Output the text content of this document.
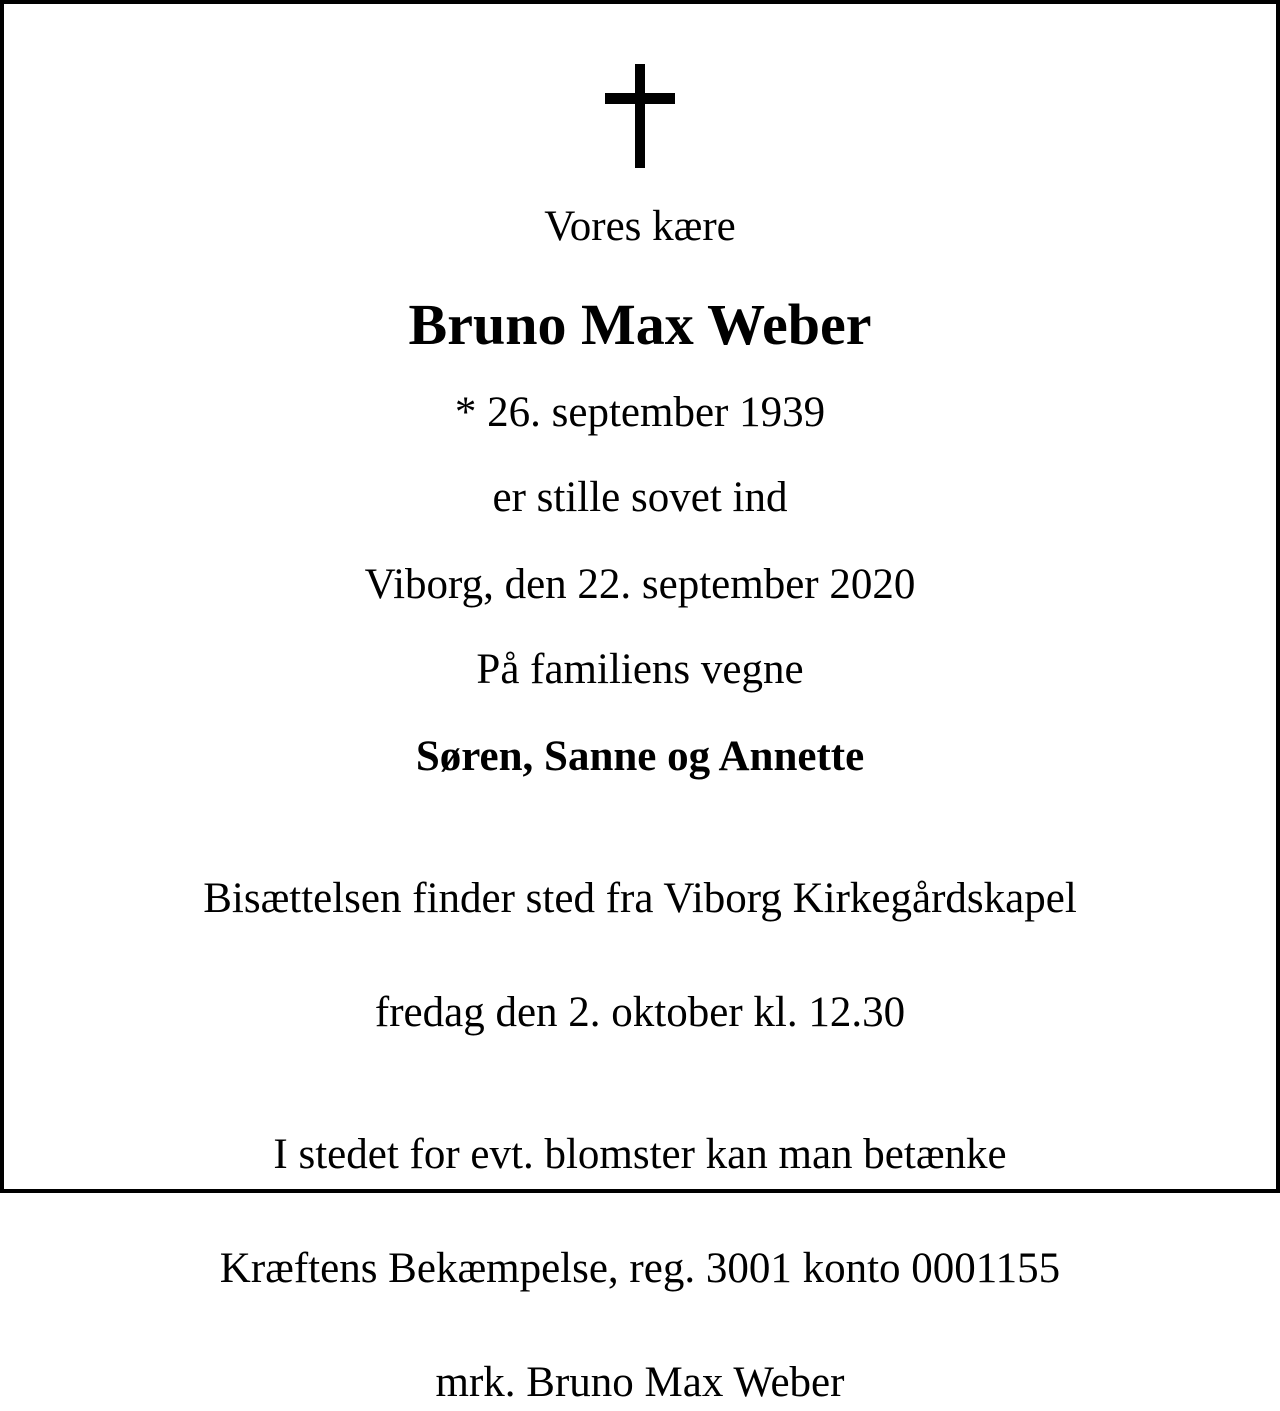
Vores kære
Bruno Max Weber
* 26. september 1939
er stille sovet ind
Viborg, den 22. september 2020
På familiens vegne
Søren, Sanne og Annette

Bisættelsen finder sted fra Viborg Kirkegårdskapel

fredag den 2. oktober kl. 12.30

I stedet for evt. blomster kan man betænke

Kræftens Bekæmpelse, reg. 3001 konto 0001155

mrk. Bruno Max Weber
